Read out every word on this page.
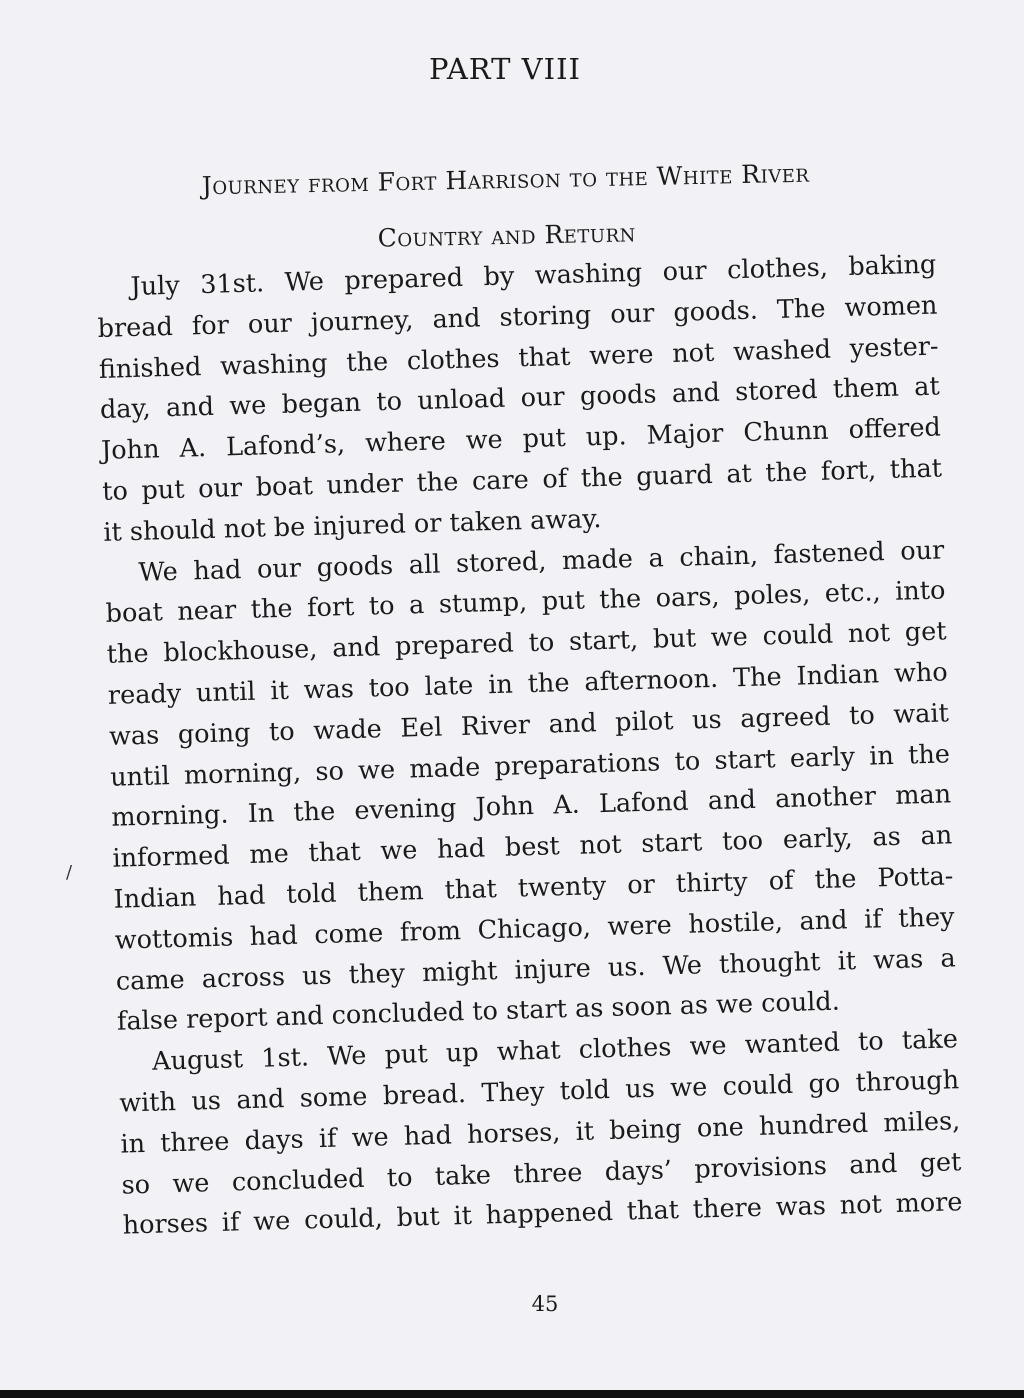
PART VIII
Journey from Fort Harrison to the White River
Country and Return

July 31st. We prepared by washing our clothes, baking
bread for our journey, and storing our goods. The women
finished washing the clothes that were not washed yester-
day, and we began to unload our goods and stored them at
John A. Lafond’s, where we put up. Major Chunn offered
to put our boat under the care of the guard at the fort, that
it should not be injured or taken away.

We had our goods all stored, made a chain, fastened our
boat near the fort to a stump, put the oars, poles, etc., into
the blockhouse, and prepared to start, but we could not get
ready until it was too late in the afternoon. The Indian who
was going to wade Eel River and pilot us agreed to wait
until morning, so we made preparations to start early in the
morning. In the evening John A. Lafond and another man
informed me that we had best not start too early, as an
Indian had told them that twenty or thirty of the Potta-
wottomis had come from Chicago, were hostile, and if they
came across us they might injure us. We thought it was a
false report and concluded to start as soon as we could.

August 1st. We put up what clothes we wanted to take
with us and some bread. They told us we could go through
in three days if we had horses, it being one hundred miles,
so we concluded to take three days’ provisions and get
horses if we could, but it happened that there was not more

/
45
